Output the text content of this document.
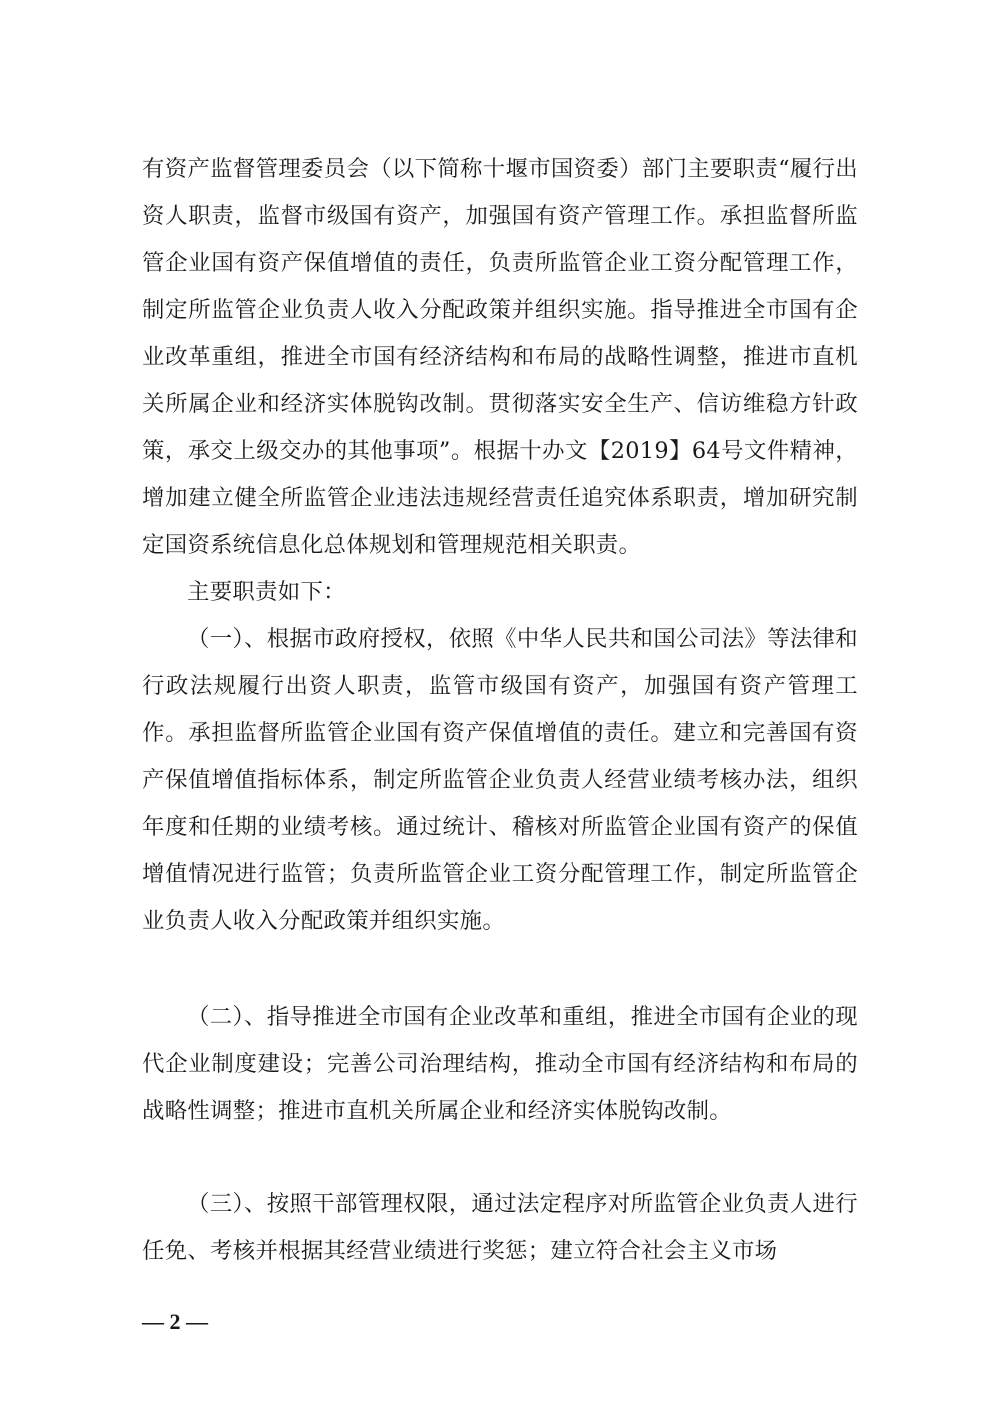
有资产监督管理委员会（以下简称十堰市国资委）部门主要职责“履行出资人职责，监督市级国有资产，加强国有资产管理工作。承担监督所监管企业国有资产保值增值的责任，负责所监管企业工资分配管理工作，制定所监管企业负责人收入分配政策并组织实施。指导推进全市国有企业改革重组，推进全市国有经济结构和布局的战略性调整，推进市直机关所属企业和经济实体脱钩改制。贯彻落实安全生产、信访维稳方针政策，承交上级交办的其他事项”。根据十办文【2019】64号文件精神，增加建立健全所监管企业违法违规经营责任追究体系职责，增加研究制定国资系统信息化总体规划和管理规范相关职责。

主要职责如下：

（一）、根据市政府授权，依照《中华人民共和国公司法》等法律和行政法规履行出资人职责，监管市级国有资产，加强国有资产管理工作。承担监督所监管企业国有资产保值增值的责任。建立和完善国有资产保值增值指标体系，制定所监管企业负责人经营业绩考核办法，组织年度和任期的业绩考核。通过统计、稽核对所监管企业国有资产的保值增值情况进行监管；负责所监管企业工资分配管理工作，制定所监管企业负责人收入分配政策并组织实施。

（二）、指导推进全市国有企业改革和重组，推进全市国有企业的现代企业制度建设；完善公司治理结构，推动全市国有经济结构和布局的战略性调整；推进市直机关所属企业和经济实体脱钩改制。

（三）、按照干部管理权限，通过法定程序对所监管企业负责人进行任免、考核并根据其经营业绩进行奖惩；建立符合社会主义市场

— 2 —
